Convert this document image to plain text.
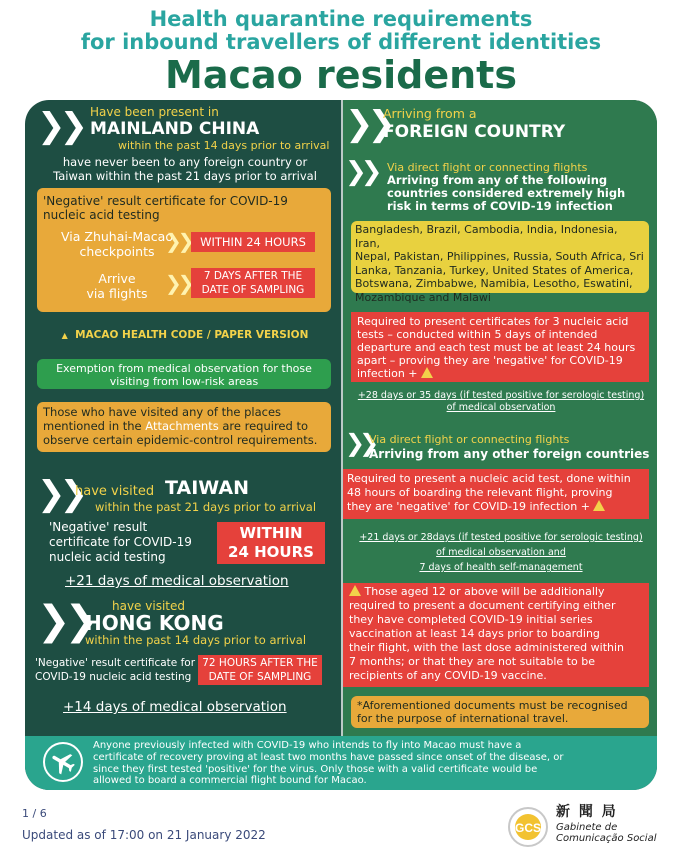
Health quarantine requirements
for inbound travellers of different identities
Macao residents
❯❯ Have been present in
MAINLAND CHINA
within the past 14 days prior to arrival
have never been to any foreign country or
Taiwan within the past 21 days prior to arrival
'Negative' result certificate for COVID-19
nucleic acid testing
Via Zhuhai-Macao
checkpoints ❯❯ WITHIN 24 HOURS
Arrive
via flights ❯❯	7 DAYS AFTER THE
DATE OF SAMPLING
▲ MACAO HEALTH CODE / PAPER VERSION
Exemption from medical observation for those
visiting from low-risk areas
Those who have visited any of the places
mentioned in the Attachments are required to
observe certain epidemic-control requirements.
❯❯
have visited TAIWAN
within the past 21 days prior to arrival
'Negative' result
certificate for COVID-19
nucleic acid testing
WITHIN
24 HOURS
+21 days of medical observation
❯❯ have visited
HONG KONG
within the past 14 days prior to arrival
'Negative' result certificate for
COVID-19 nucleic acid testing
72 HOURS AFTER THE
DATE OF SAMPLING
+14 days of medical observation
❯❯
Arriving from a
FOREIGN COUNTRY
❯❯ Via direct flight or connecting flights
Arriving from any of the following
countries considered extremely high
risk in terms of COVID-19 infection
Bangladesh, Brazil, Cambodia, India, Indonesia, Iran,
Nepal, Pakistan, Philippines, Russia, South Africa, Sri
Lanka, Tanzania, Turkey, United States of America,
Botswana, Zimbabwe, Namibia, Lesotho, Eswatini,
Mozambique and Malawi
Required to present certificates for 3 nucleic acid
tests – conducted within 5 days of intended
departure and each test must be at least 24 hours
apart – proving they are 'negative' for COVID-19
infection +
+28 days or 35 days (if tested positive for serologic testing)
of medical observation
❯❯
Via direct flight or connecting flights
Arriving from any other foreign countries
Required to present a nucleic acid test, done within
48 hours of boarding the relevant flight, proving
they are 'negative' for COVID-19 infection +
+21 days or 28days (if tested positive for serologic testing)
of medical observation and
7 days of health self-management
Those aged 12 or above will be additionally
required to present a document certifying either
they have completed COVID-19 initial series
vaccination at least 14 days prior to boarding
their flight, with the last dose administered within
7 months; or that they are not suitable to be
recipients of any COVID-19 vaccine.
*Aforementioned documents must be recognised
for the purpose of international travel.
Anyone previously infected with COVID-19 who intends to fly into Macao must have a
certificate of recovery proving at least two months have passed since onset of the disease, or
since they first tested 'positive' for the virus. Only those with a valid certificate would be
allowed to board a commercial flight bound for Macao.
1 / 6
Updated as of 17:00 on 21 January 2022	GCS
新 聞 局
Gabinete de
Comunicação Social
